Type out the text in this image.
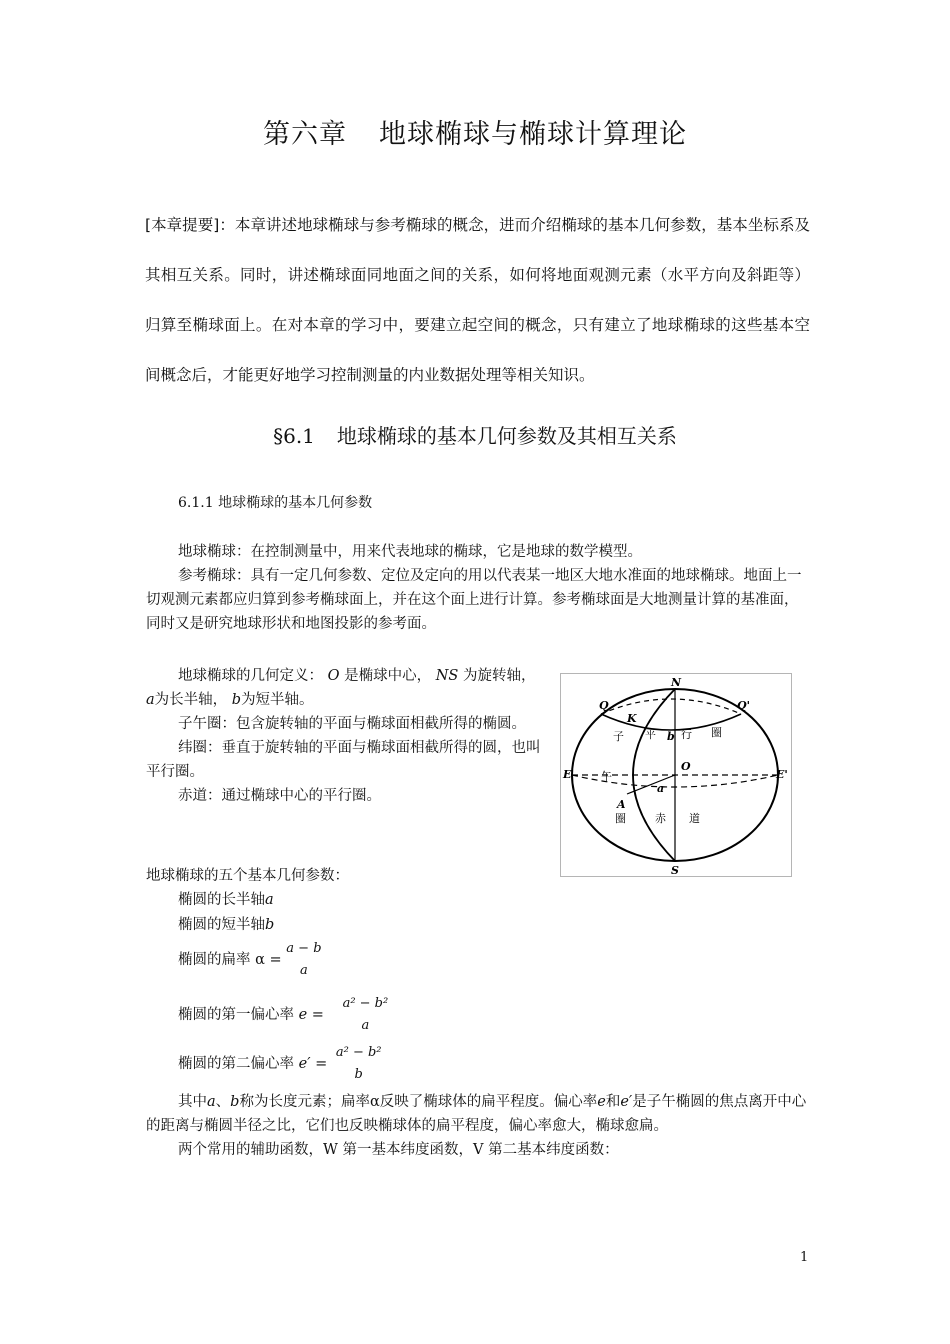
第六章 地球椭球与椭球计算理论

[本章提要]：本章讲述地球椭球与参考椭球的概念，进而介绍椭球的基本几何参数，基本坐标系及其相互关系。同时，讲述椭球面同地面之间的关系，如何将地面观测元素（水平方向及斜距等）归算至椭球面上。在对本章的学习中，要建立起空间的概念，只有建立了地球椭球的这些基本空间概念后，才能更好地学习控制测量的内业数据处理等相关知识。

§6.1 地球椭球的基本几何参数及其相互关系
6.1.1 地球椭球的基本几何参数

地球椭球：在控制测量中，用来代表地球的椭球，它是地球的数学模型。

参考椭球：具有一定几何参数、定位及定向的用以代表某一地区大地水准面的地球椭球。地面上一切观测元素都应归算到参考椭球面上，并在这个面上进行计算。参考椭球面是大地测量计算的基准面，同时又是研究地球形状和地图投影的参考面。

地球椭球的几何定义： O 是椭球中心， NS 为旋转轴， a为长半轴， b为短半轴。

子午圈：包含旋转轴的平面与椭球面相截所得的椭圆。

纬圈：垂直于旋转轴的平面与椭球面相截所得的圆，也叫平行圈。

赤道：通过椭球中心的平行圈。

N
S
Q	Q'
K
E	E'
O
A
a
b
子 平 行 圈
午
圈	赤 道
地球椭球的五个基本几何参数：
椭圆的长半轴a
椭圆的短半轴b
椭圆的扁率 α =
a − b
a
椭圆的第一偏心率 e =
a² − b²
a
椭圆的第二偏心率 e′ =
a² − b²
b

其中a、b称为长度元素；扁率α反映了椭球体的扁平程度。偏心率e和e′是子午椭圆的焦点离开中心的距离与椭圆半径之比，它们也反映椭球体的扁平程度，偏心率愈大，椭球愈扁。

两个常用的辅助函数，W 第一基本纬度函数，V 第二基本纬度函数：

1
